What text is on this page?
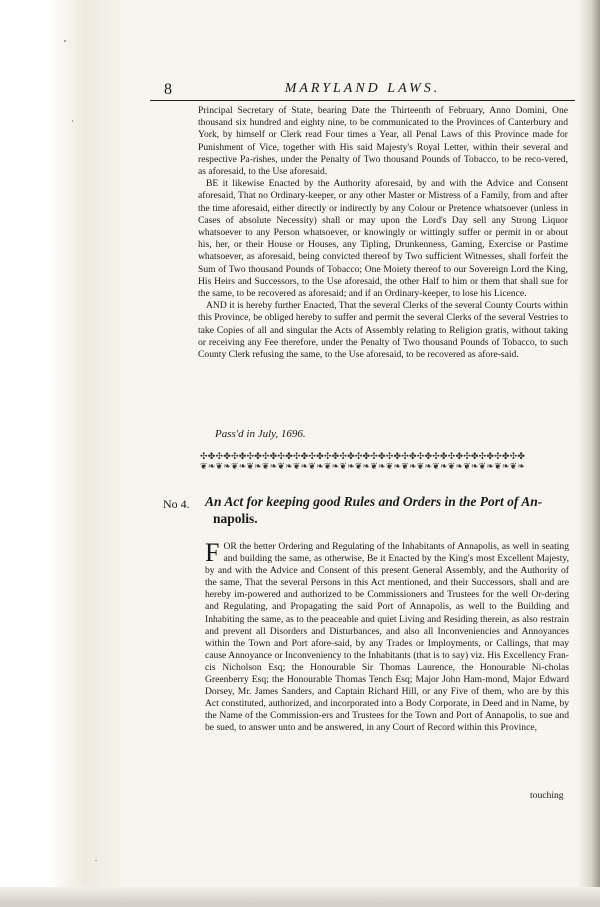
8	MARYLAND LAWS.

Principal Secretary of State, bearing Date the Thirteenth of February, Anno Domini, One thousand six hundred and eighty nine, to be communicated to the Provinces of Canterbury and York, by himself or Clerk read Four times a Year, all Penal Laws of this Province made for Punishment of Vice, together with His said Majesty's Royal Letter, within their several and respective Pa-rishes, under the Penalty of Two thousand Pounds of Tobacco, to be reco-vered, as aforesaid, to the Use aforesaid.

BE it likewise Enacted by the Authority aforesaid, by and with the Advice and Consent aforesaid, That no Ordinary-keeper, or any other Master or Mistress of a Family, from and after the time aforesaid, either directly or indirectly by any Colour or Pretence whatsoever (unless in Cases of absolute Necessity) shall or may upon the Lord's Day sell any Strong Liquor whatsoever to any Person whatsoever, or knowingly or wittingly suffer or permit in or about his, her, or their House or Houses, any Tipling, Drunkenness, Gaming, Exercise or Pastime whatsoever, as aforesaid, being convicted thereof by Two sufficient Witnesses, shall forfeit the Sum of Two thousand Pounds of Tobacco; One Moiety thereof to our Sovereign Lord the King, His Heirs and Successors, to the Use aforesaid, the other Half to him or them that shall sue for the same, to be recovered as aforesaid; and if an Ordinary-keeper, to lose his Licence.

AND it is hereby further Enacted, That the several Clerks of the several County Courts within this Province, be obliged hereby to suffer and permit the several Clerks of the several Vestries to take Copies of all and singular the Acts of Assembly relating to Religion gratis, without taking or receiving any Fee therefore, under the Penalty of Two thousand Pounds of Tobacco, to such County Clerk refusing the same, to the Use aforesaid, to be recovered as afore-said.

Pass'd in July, 1696.
✣✤✣✤✣✤✣✤✣✤✣✤✣✤✣✤✣✤✣✤✣✤✣✤✣✤✣✤✣✤✣✤✣✤✣✤✣✤✣✤✣✤
❦❧❦❧❦❧❦❧❦❧❦❧❦❧❦❧❦❧❦❧❦❧❦❧❦❧❦❧❦❧❦❧❦❧❦❧❦❧❦❧❦❧
No 4. An Act for keeping good Rules and Orders in the Port of An-
napolis.
F OR the better Ordering and Regulating of the Inhabitants of Annapolis, as well in seating and building the same, as otherwise, Be it Enacted by the King's most Excellent Majesty, by and with the Advice and Consent of this present General Assembly, and the Authority of the same, That the several Persons in this Act mentioned, and their Successors, shall and are hereby im-powered and authorized to be Commissioners and Trustees for the well Or-dering and Regulating, and Propagating the said Port of Annapolis, as well to the Building and Inhabiting the same, as to the peaceable and quiet Living and Residing therein, as also restrain and prevent all Disorders and Disturbances, and also all Inconveniencies and Annoyances within the Town and Port afore-said, by any Trades or Imployments, or Callings, that may cause Annoyance or Inconveniency to the Inhabitants (that is to say) viz. His Excellency Fran-cis Nicholson Esq; the Honourable Sir Thomas Laurence, the Honourable Ni-cholas Greenberry Esq; the Honourable Thomas Tench Esq; Major John Ham-mond, Major Edward Dorsey, Mr. James Sanders, and Captain Richard Hill, or any Five of them, who are by this Act constituted, authorized, and incorporated into a Body Corporate, in Deed and in Name, by the Name of the Commission-ers and Trustees for the Town and Port of Annapolis, to sue and be sued, to answer unto and be answered, in any Court of Record within this Province,
touching
